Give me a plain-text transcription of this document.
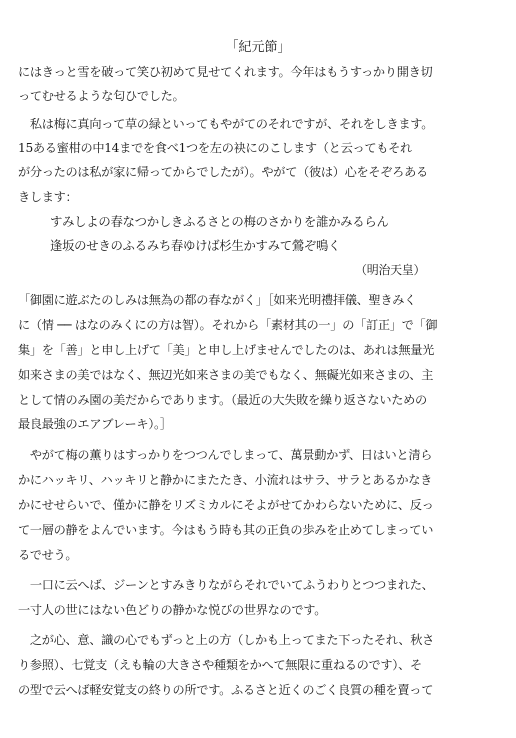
「紀元節」
にはきっと雪を破って笑ひ初めて見せてくれます。今年はもうすっかり開き切
ってむせるような匂ひでした。
　私は梅に真向って草の緑といってもやがてのそれですが、それをしきます。
15ある蜜柑の中14までを食べ1つを左の袂にのこします（と云ってもそれ
が分ったのは私が家に帰ってからでしたが）。やがて（彼は）心をそぞろある
きします：
すみしよの春なつかしきふるさとの梅のさかりを誰かみるらん
逢坂のせきのふるみち春ゆけば杉生かすみて鶯ぞ鳴く
（明治天皇）
「御園に遊ぶたのしみは無為の都の春ながく」［如来光明禮拝儀、聖きみく
に（情 ── はなのみくにの方は智）。それから「素材其の一」の「訂正」で「御
集」を「善」と申し上げて「美」と申し上げませんでしたのは、あれは無量光
如来さまの美ではなく、無辺光如来さまの美でもなく、無礙光如来さまの、主
として情のみ園の美だからであります。（最近の大失敗を繰り返さないための
最良最強のエアブレーキ）。］
　やがて梅の薫りはすっかりをつつんでしまって、萬景動かず、日はいと清ら
かにハッキリ、ハッキリと静かにまたたき、小流れはサラ、サラとあるかなき
かにせせらいで、僅かに静をリズミカルにそよがせてかわらないために、反っ
て一層の静をよんでいます。今はもう時も其の正負の歩みを止めてしまってい
るでせう。
　一口に云へば、ジーンとすみきりながらそれでいてふうわりとつつまれた、
一寸人の世にはない色どりの静かな悦びの世界なのです。
　之が心、意、識の心でもずっと上の方（しかも上ってまた下ったそれ、秋さ
り参照）、七覚支（えも輪の大きさや種類をかへて無限に重ねるのです）、そ
の型で云へば軽安覚支の終りの所です。ふるさと近くのごく良質の種を賣って
